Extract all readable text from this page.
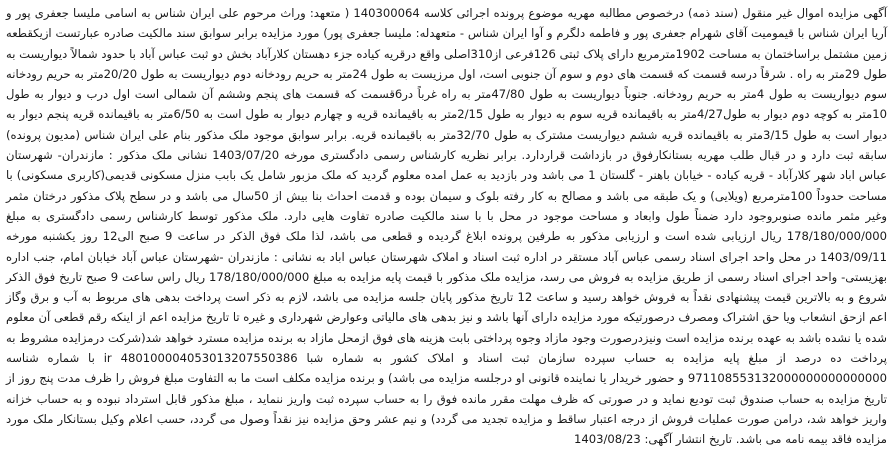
آگهی مزایده اموال غیر منقول (سند ذمه) درخصوص مطالبه مهریه موضوع پرونده اجرائی کلاسه 140300064 ( متعهد: وراث مرحوم علی ایران شناس به اسامی ملیسا جعفری پور و آریا ایران شناس با قیمومیت آقای شهرام جعفری پور و فاطمه دلگرم و آوا ایران شناس - متعهدله: ملیسا جعفری پور) مورد مزایده برابر سوابق سند مالکیت صادره عبارتست ازیکقطعه زمین مشتمل براساختمان به مساحت 1902مترمربع دارای پلاک ثبتی 126فرعی از310اصلی واقع درقریه کیاده جزء دهستان کلارآباد بخش دو ثبت عباس آباد با حدود شمالاً دیواریست به طول 29متر به راه . شرقاً درسه قسمت که قسمت های دوم و سوم آن جنوبی است، اول مرزیست به طول 24متر به حریم رودخانه دوم دیواریست به طول 20/20متر به حریم رودخانه سوم دیواریست به طول 4متر به حریم رودخانه. جنوباً دیواریست به طول 47/80متر به راه غرباً در6قسمت که قسمت های پنجم وششم آن شمالی است اول درب و دیوار به طول 10متر به کوچه دوم دیوار به طول4/27متر به باقیمانده قریه سوم به دیوار به طول 2/15متر به باقیمانده قریه و چهارم دیوار به طول است به 6/50متر به باقیمانده قریه پنجم دیوار به دیوار است به طول 3/15متر به باقیمانده قریه ششم دیواریست مشترک به طول 32/70متر به باقیمانده قریه. برابر سوابق موجود ملک مذکور بنام علی ایران شناس (مدیون پرونده) سابقه ثبت دارد و در قبال طلب مهریه بستانکارفوق در بازداشت قراردارد. برابر نظریه کارشناس رسمی دادگستری مورخه 1403/07/20 نشانی ملک مذکور : مازندران- شهرستان عباس اباد شهر کلارآباد - قریه کیاده - خیابان باهنر - گلستان 1 می باشد ودر بازدید به عمل امده معلوم گردید که ملک مزبور شامل یک بابب منزل مسکونی قدیمی(کاربری مسکونی) با مساحت حدوداً 100مترمربع (ویلایی) و یک طبقه می باشد و مصالح به کار رفته بلوک و سیمان بوده و قدمت احداث بنا بیش از 50سال می باشد و در سطح پلاک مذکور درختان مثمر وغیر مثمر مانده صنوبروجود دارد ضمناً طول وابعاد و مساحت موجود در محل با با سند مالکیت صادره تفاوت هایی دارد. ملک مذکور توسط کارشناس رسمی دادگستری به مبلغ 178/180/000/000 ریال ارزیابی شده است و ارزیابی مذکور به طرفین پرونده ابلاغ گردیده و قطعی می باشد، لذا ملک فوق الذکر در ساعت 9 صبح الی12 روز یکشنبه مورخه 1403/09/11 در محل واحد اجرای اسناد رسمی عباس آباد مستقر در اداره ثبت اسناد و املاک شهرستان عباس اباد به نشانی : مازندران -شهرستان عباس آباد خیابان امام، جنب اداره بهزیستی- واحد اجرای اسناد رسمی از طریق مزایده به فروش می رسد، مزایده ملک مذکور با قیمت پایه مزایده به مبلغ 178/180/000/000 ریال راس ساعت 9 صبح تاریخ فوق الذکر شروع و به بالاترین قیمت پیشنهادی نقداً به فروش خواهد رسید و ساعت 12 تاریخ مذکور پایان جلسه مزایده می باشد، لازم به ذکر است پرداخت بدهی های مربوط به آب و برق وگاز اعم ازحق انشعاب ویا حق اشتراک ومصرف درصورتیکه مورد مزایده دارای آنها باشد و نیز بدهی های مالیاتی وعوارض شهرداری و غیره تا تاریخ مزایده اعم از اینکه رقم قطعی آن معلوم شده یا نشده باشد به عهده برنده مزایده است ونیزدرصورت وجود مازاد وجوه پرداختی بابت هزینه های فوق ازمحل مازاد به برنده مزایده مسترد خواهد شد(شرکت درمزایده مشروط به پرداخت ده درصد از مبلغ پایه مزایده به حساب سپرده سازمان ثبت اسناد و املاک کشور به شماره شبا ir 480100004053013207550386 با شماره شناسه 971108553132000000000000000 و حضور خریدار یا نماینده قانونی او درجلسه مزایده می باشد) و برنده مزایده مکلف است ما به التفاوت مبلغ فروش را ظرف مدت پنج روز از تاریخ مزایده به حساب صندوق ثبت تودیع نماید و در صورتی که ظرف مهلت مقرر مانده فوق را به حساب سپرده ثبت واریز ننماید ، مبلغ مذکور قابل استرداد نبوده و به حساب خزانه واریز خواهد شد، درامن صورت عملیات فروش از درجه اعتبار ساقط و مزایده تجدید می گردد) و نیم عشر وحق مزایده نیز نقداً وصول می گردد، حسب اعلام وکیل بستانکار ملک مورد مزایده فاقد بیمه نامه می باشد. تاریخ انتشار آگهی: 1403/08/23
